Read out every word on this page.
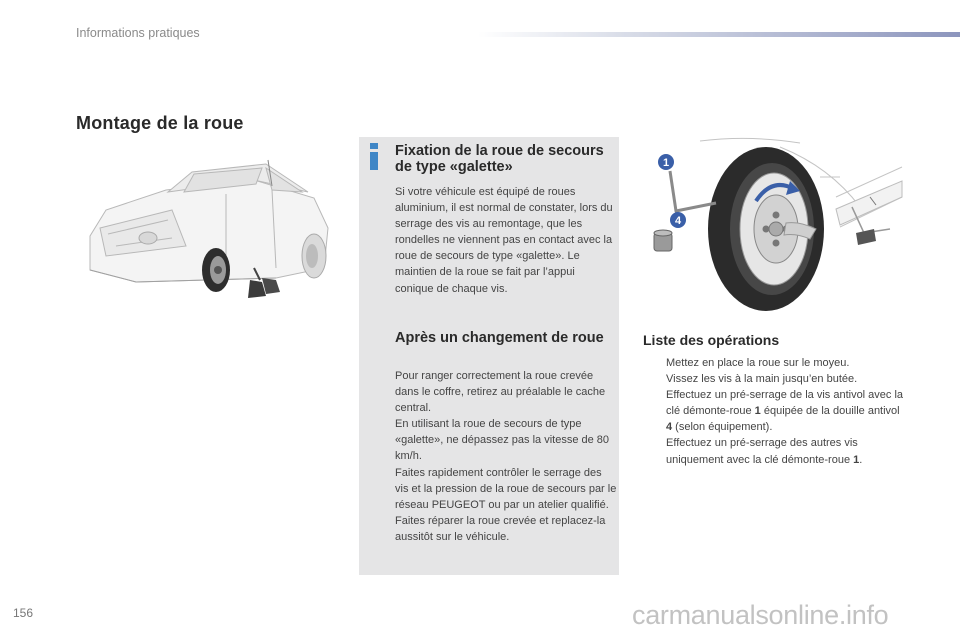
Informations pratiques
Montage de la roue
Fixation de la roue de secours de type «galette»

Si votre véhicule est équipé de roues aluminium, il est normal de constater, lors du serrage des vis au remontage, que les rondelles ne viennent pas en contact avec la roue de secours de type «galette». Le maintien de la roue se fait par l’appui conique de chaque vis.

Après un changement de roue
Pour ranger correctement la roue crevée dans le coffre, retirez au préalable le cache central.
En utilisant la roue de secours de type «galette», ne dépassez pas la vitesse de 80 km/h.
Faites rapidement contrôler le serrage des vis et la pression de la roue de secours par le réseau PEUGEOT ou par un atelier qualifié.
Faites réparer la roue crevée et replacez-la aussitôt sur le véhicule.
1
4
Liste des opérations
Mettez en place la roue sur le moyeu.
Vissez les vis à la main jusqu’en butée.
Effectuez un pré-serrage de la vis antivol avec la clé démonte-roue 1 équipée de la douille antivol 4 (selon équipement).
Effectuez un pré-serrage des autres vis uniquement avec la clé démonte-roue 1.
156	carmanualsonline.info
